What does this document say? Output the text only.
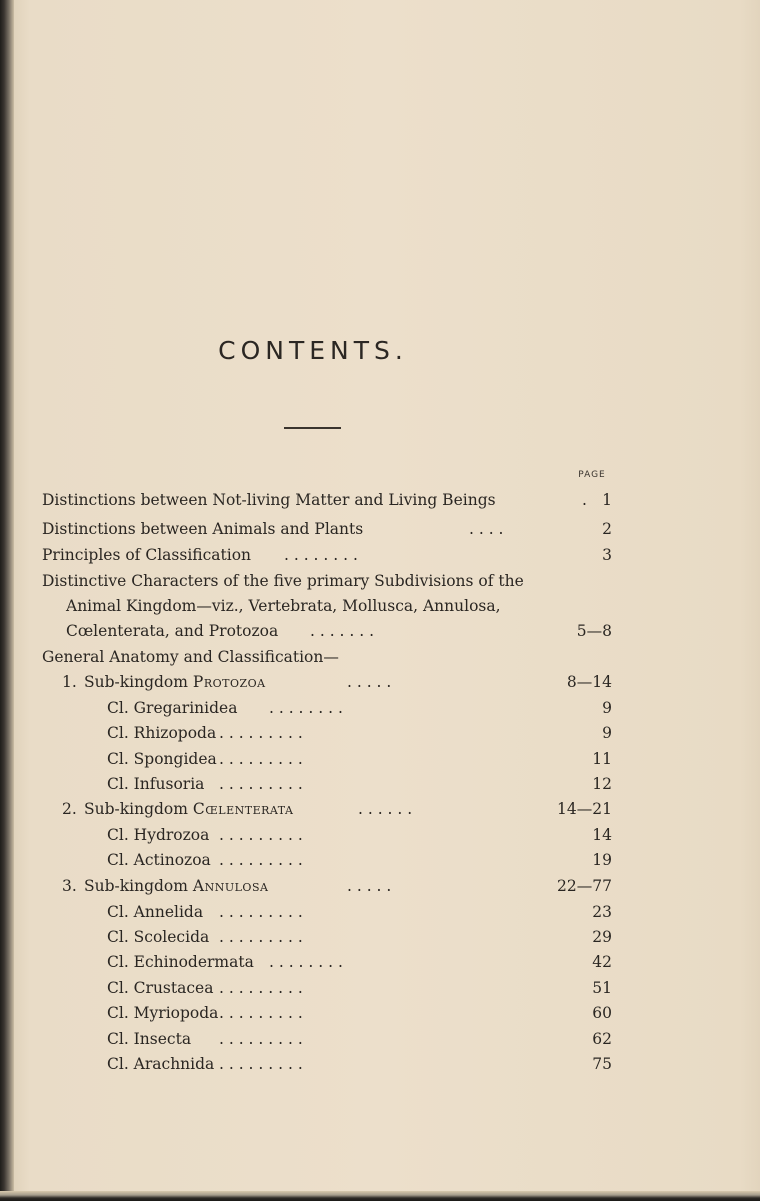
CONTENTS.
PAGE
Distinctions between Not-living Matter and Living Beings	. 1
Distinctions between Animals and Plants	. . . .	2
Principles of Classification . . . . . . . .	3
Distinctive Characters of the five primary Subdivisions of the
Animal Kingdom—viz., Vertebrata, Mollusca, Annulosa,
Cœlenterata, and Protozoa . . . . . . .	5—8
General Anatomy and Classification—
1. Sub-kingdom Protozoa	. . . . .	8—14
Cl. Gregarinidea . . . . . . . .	9
Cl. Rhizopoda . . . . . . . . .	9
Cl. Spongidea . . . . . . . . .	11
Cl. Infusoria . . . . . . . . .	12
2. Sub-kingdom Cœlenterata	. . . . . .	14—21
Cl. Hydrozoa . . . . . . . . .	14
Cl. Actinozoa . . . . . . . . .	19
3. Sub-kingdom Annulosa	. . . . .	22—77
Cl. Annelida . . . . . . . . .	23
Cl. Scolecida . . . . . . . . .	29
Cl. Echinodermata . . . . . . . .	42
Cl. Crustacea . . . . . . . . .	51
Cl. Myriopoda . . . . . . . . .	60
Cl. Insecta . . . . . . . . .	62
Cl. Arachnida . . . . . . . . .	75
